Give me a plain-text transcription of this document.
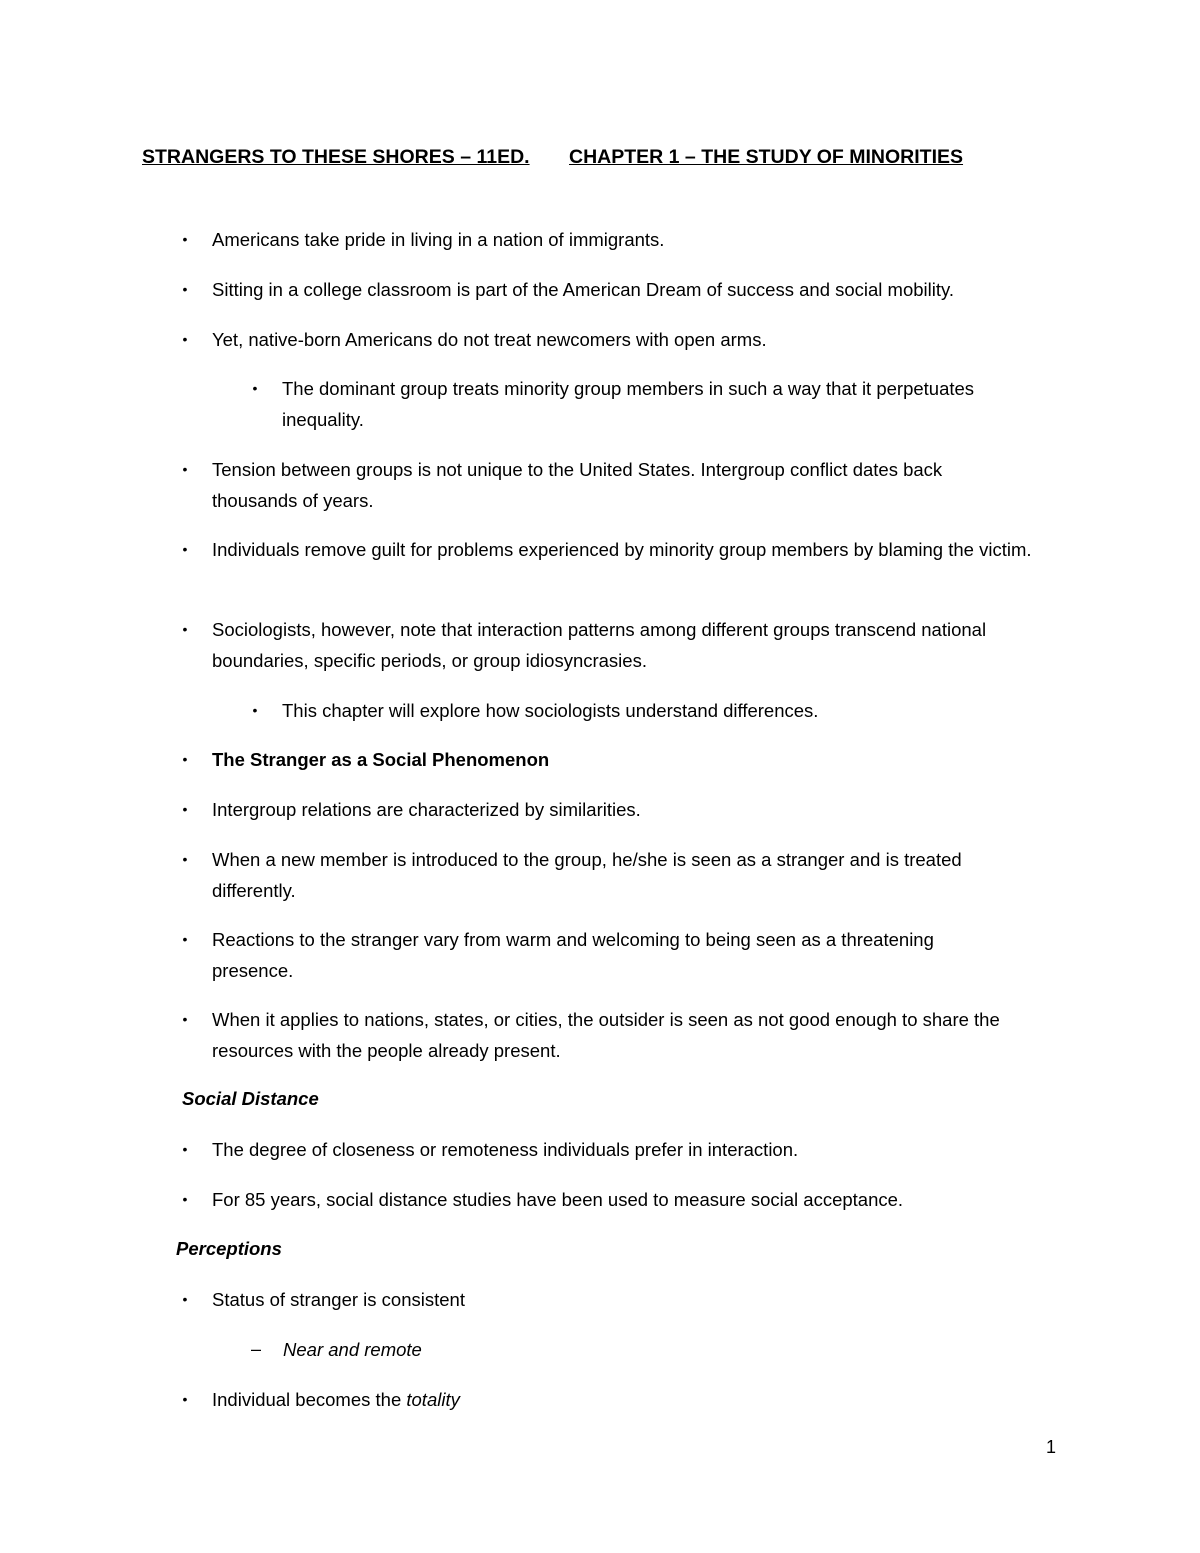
STRANGERS TO THESE SHORES – 11ED. CHAPTER 1 – THE STUDY OF MINORITIES
•	Americans take pride in living in a nation of immigrants.
•	Sitting in a college classroom is part of the American Dream of success and social mobility.
•	Yet, native-born Americans do not treat newcomers with open arms.
•	The dominant group treats minority group members in such a way that it perpetuates inequality.
•	Tension between groups is not unique to the United States. Intergroup conflict dates back thousands of years.
•	Individuals remove guilt for problems experienced by minority group members by blaming the victim.
•	Sociologists, however, note that interaction patterns among different groups transcend national boundaries, specific periods, or group idiosyncrasies.
•	This chapter will explore how sociologists understand differences.
•	The Stranger as a Social Phenomenon
•	Intergroup relations are characterized by similarities.
•	When a new member is introduced to the group, he/she is seen as a stranger and is treated differently.
•	Reactions to the stranger vary from warm and welcoming to being seen as a threatening presence.
•	When it applies to nations, states, or cities, the outsider is seen as not good enough to share the resources with the people already present.
Social Distance
•	The degree of closeness or remoteness individuals prefer in interaction.
•	For 85 years, social distance studies have been used to measure social acceptance.
Perceptions
•	Status of stranger is consistent
– Near and remote
•	Individual becomes the totality
1
